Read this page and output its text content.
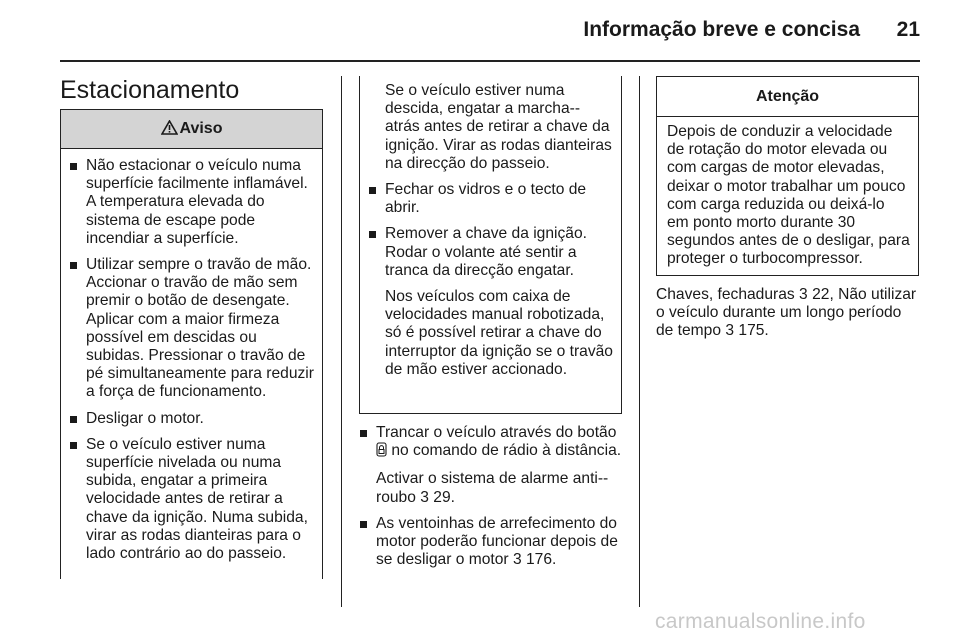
Informação breve e concisa	21
Estacionamento
Aviso
Não estacionar o veículo numa superfície facilmente inflamável. A temperatura elevada do sistema de escape pode incendiar a superfície.
Utilizar sempre o travão de mão. Accionar o travão de mão sem premir o botão de desengate. Aplicar com a maior firmeza possível em descidas ou subidas. Pressionar o travão de pé simultaneamente para reduzir a força de funcionamento.
Desligar o motor.
Se o veículo estiver numa superfície nivelada ou numa subida, engatar a primeira velocidade antes de retirar a chave da ignição. Numa subida, virar as rodas dianteiras para o lado contrário ao do passeio.

Se o veículo estiver numa descida, engatar a marcha--atrás antes de retirar a chave da ignição. Virar as rodas dianteiras na direcção do passeio.

Fechar os vidros e o tecto de abrir.
Remover a chave da ignição. Rodar o volante até sentir a tranca da direcção engatar.

Nos veículos com caixa de velocidades manual robotizada, só é possível retirar a chave do interruptor da ignição se o travão de mão estiver accionado.

Trancar o veículo através do botão  no comando de rádio à distância.
Activar o sistema de alarme anti--roubo 3 29.
As ventoinhas de arrefecimento do motor poderão funcionar depois de se desligar o motor 3 176.
Atenção

Depois de conduzir a velocidade de rotação do motor elevada ou com cargas de motor elevadas, deixar o motor trabalhar um pouco com carga reduzida ou deixá-lo em ponto morto durante 30 segundos antes de o desligar, para proteger o turbocompressor.

Chaves, fechaduras 3 22, Não utilizar o veículo durante um longo período de tempo 3 175.

carmanualsonline.info
